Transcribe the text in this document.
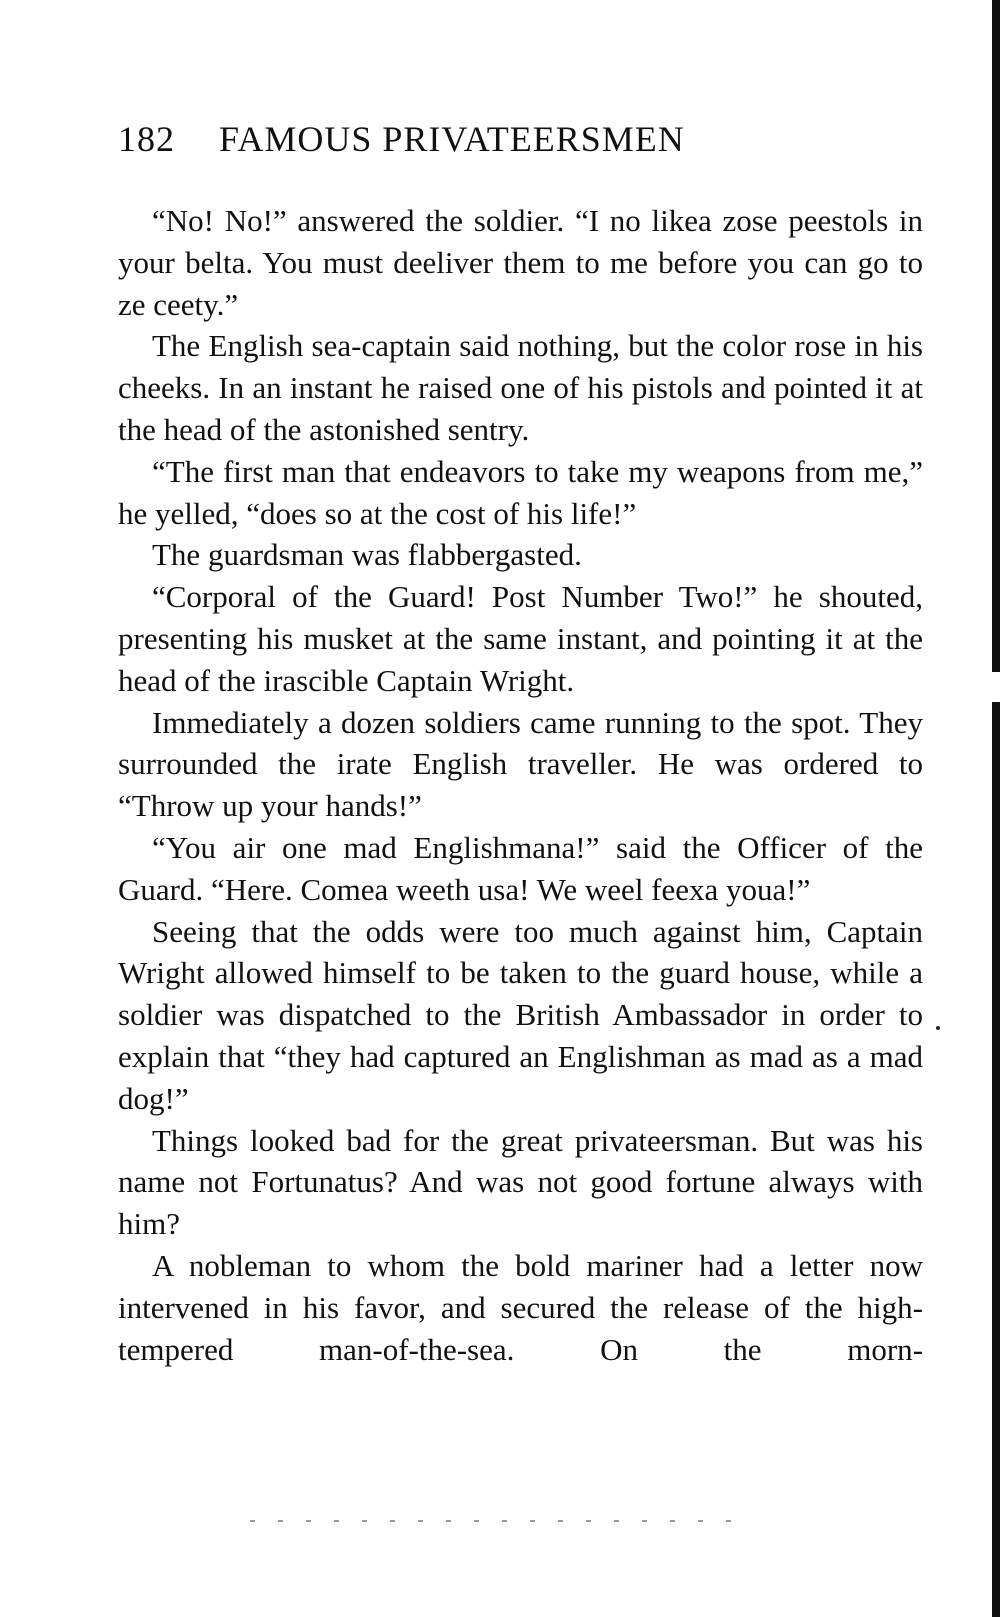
182 FAMOUS PRIVATEERSMEN

“No! No!” answered the soldier. “I no likea zose peestols in your belta. You must deeliver them to me before you can go to ze ceety.”

The English sea-captain said nothing, but the color rose in his cheeks. In an instant he raised one of his pistols and pointed it at the head of the astonished sentry.

“The first man that endeavors to take my weapons from me,” he yelled, “does so at the cost of his life!”

The guardsman was flabbergasted.

“Corporal of the Guard! Post Number Two!” he shouted, presenting his musket at the same instant, and pointing it at the head of the irascible Captain Wright.

Immediately a dozen soldiers came running to the spot. They surrounded the irate English traveller. He was ordered to “Throw up your hands!”

“You air one mad Englishmana!” said the Officer of the Guard. “Here. Comea weeth usa! We weel feexa youa!”

Seeing that the odds were too much against him, Captain Wright allowed himself to be taken to the guard house, while a soldier was dispatched to the British Ambassador in order to explain that “they had captured an Englishman as mad as a mad dog!”

Things looked bad for the great privateersman. But was his name not Fortunatus? And was not good fortune always with him?

A nobleman to whom the bold mariner had a letter now intervened in his favor, and secured the release of the high-tempered man-of-the-sea. On the morn-
